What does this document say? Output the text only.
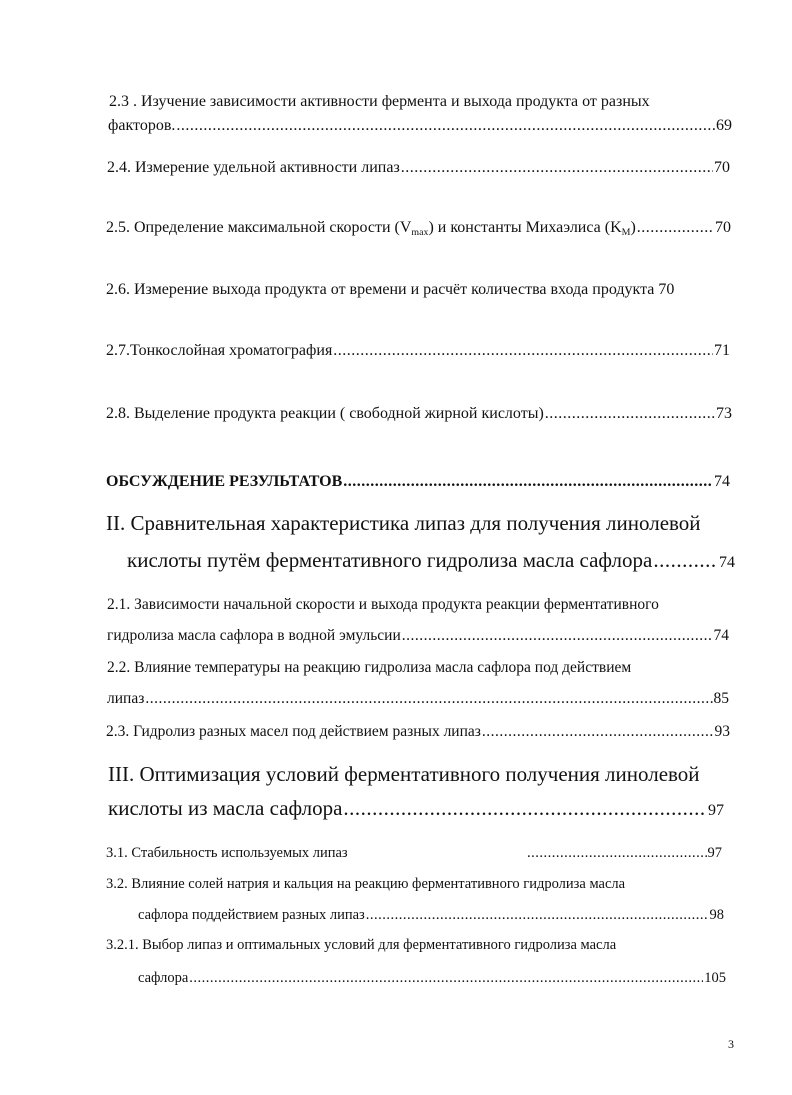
2.3 . Изучение зависимости активности фермента и выхода продукта от разных
факторов. .....	69
2.4. Измерение удельной активности липаз .....	70
2.5. Определение максимальной скорости $(V_{max})$ и константы Михаэлиса $(K_M)$ .....	70
2.6. Измерение выхода продукта от времени и расчёт количества входа продукта 70
2.7.Тонкослойная хроматография .....	71
2.8. Выделение продукта реакции ( свободной жирной кислоты) .....	73
ОБСУЖДЕНИЕ РЕЗУЛЬТАТОВ .....	74
II. Сравнительная характеристика липаз для получения линолевой
кислоты путём ферментативного гидролиза масла сафлора .....	74
2.1. Зависимости начальной скорости и выхода продукта реакции ферментативного
гидролиза масла сафлора в водной эмульсии .....	74
2.2. Влияние температуры на реакцию гидролиза масла сафлора под действием
липаз .....	85
2.3. Гидролиз разных масел под действием разных липаз .....	93
III. Оптимизация условий ферментативного получения линолевой
кислоты из масла сафлора .....	97
3.1. Стабильность используемых липаз .....	97
3.2. Влияние солей натрия и кальция на реакцию ферментативного гидролиза масла
сафлора поддействием разных липаз .....	98
3.2.1. Выбор липаз и оптимальных условий для ферментативного гидролиза масла
сафлора .....	105
3
